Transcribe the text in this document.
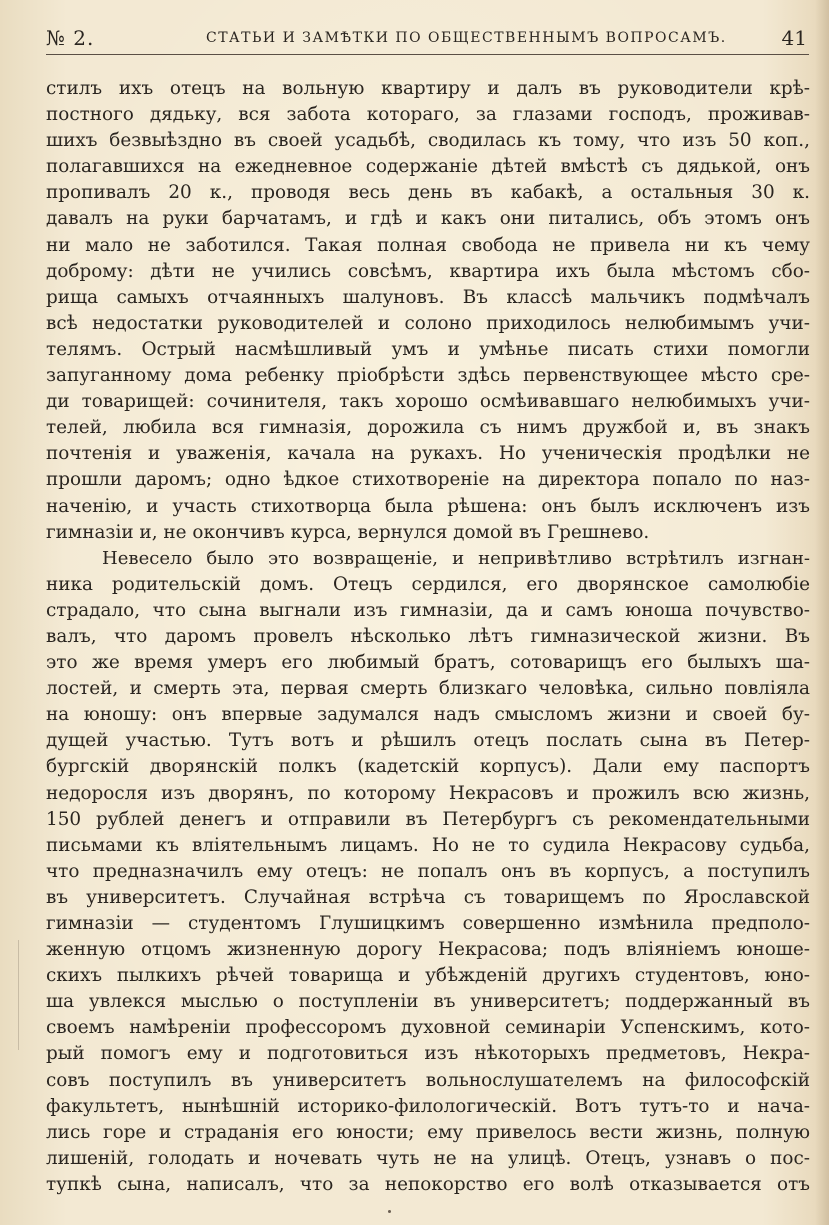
№ 2.	СТАТЬИ И ЗАМѢТКИ ПО ОБЩЕСТВЕННЫМЪ ВОПРОСАМЪ.	41
стилъ ихъ отецъ на вольную квартиру и далъ въ руководители крѣ-
постного дядьку, вся забота котораго, за глазами господъ, проживав-
шихъ безвыѣздно въ своей усадьбѣ, сводилась къ тому, что изъ 50 коп.,
полагавшихся на ежедневное содержаніе дѣтей вмѣстѣ съ дядькой, онъ
пропивалъ 20 к., проводя весь день въ кабакѣ, а остальныя 30 к.
давалъ на руки барчатамъ, и гдѣ и какъ они питались, объ этомъ онъ
ни мало не заботился. Такая полная свобода не привела ни къ чему
доброму: дѣти не учились совсѣмъ, квартира ихъ была мѣстомъ сбо-
рища самыхъ отчаянныхъ шалуновъ. Въ классѣ мальчикъ подмѣчалъ
всѣ недостатки руководителей и солоно приходилось нелюбимымъ учи-
телямъ. Острый насмѣшливый умъ и умѣнье писать стихи помогли
запуганному дома ребенку пріобрѣсти здѣсь первенствующее мѣсто сре-
ди товарищей: сочинителя, такъ хорошо осмѣивавшаго нелюбимыхъ учи-
телей, любила вся гимназія, дорожила съ нимъ дружбой и, въ знакъ
почтенія и уваженія, качала на рукахъ. Но ученическія продѣлки не
прошли даромъ; одно ѣдкое стихотвореніе на директора попало по наз-
наченію, и участь стихотворца была рѣшена: онъ былъ исключенъ изъ
гимназіи и, не окончивъ курса, вернулся домой въ Грешнево.
Невесело было это возвращеніе, и непривѣтливо встрѣтилъ изгнан-
ника родительскій домъ. Отецъ сердился, его дворянское самолюбіе
страдало, что сына выгнали изъ гимназіи, да и самъ юноша почувство-
валъ, что даромъ провелъ нѣсколько лѣтъ гимназической жизни. Въ
это же время умеръ его любимый братъ, сотоварищъ его былыхъ ша-
лостей, и смерть эта, первая смерть близкаго человѣка, сильно повліяла
на юношу: онъ впервые задумался надъ смысломъ жизни и своей бу-
дущей участью. Тутъ вотъ и рѣшилъ отецъ послать сына въ Петер-
бургскій дворянскій полкъ (кадетскій корпусъ). Дали ему паспортъ
недоросля изъ дворянъ, по которому Некрасовъ и прожилъ всю жизнь,
150 рублей денегъ и отправили въ Петербургъ съ рекомендательными
письмами къ вліятельнымъ лицамъ. Но не то судила Некрасову судьба,
что предназначилъ ему отецъ: не попалъ онъ въ корпусъ, а поступилъ
въ университетъ. Случайная встрѣча съ товарищемъ по Ярославской
гимназіи — студентомъ Глушицкимъ совершенно измѣнила предполо-
женную отцомъ жизненную дорогу Некрасова; подъ вліяніемъ юноше-
скихъ пылкихъ рѣчей товарища и убѣжденій другихъ студентовъ, юно-
ша увлекся мыслью о поступленіи въ университетъ; поддержанный въ
своемъ намѣреніи профессоромъ духовной семинаріи Успенскимъ, кото-
рый помогъ ему и подготовиться изъ нѣкоторыхъ предметовъ, Некра-
совъ поступилъ въ университетъ вольнослушателемъ на философскій
факультетъ, нынѣшній историко-филологическій. Вотъ тутъ-то и нача-
лись горе и страданія его юности; ему привелось вести жизнь, полную
лишеній, голодать и ночевать чуть не на улицѣ. Отецъ, узнавъ о пос-
тупкѣ сына, написалъ, что за непокорство его волѣ отказывается отъ
